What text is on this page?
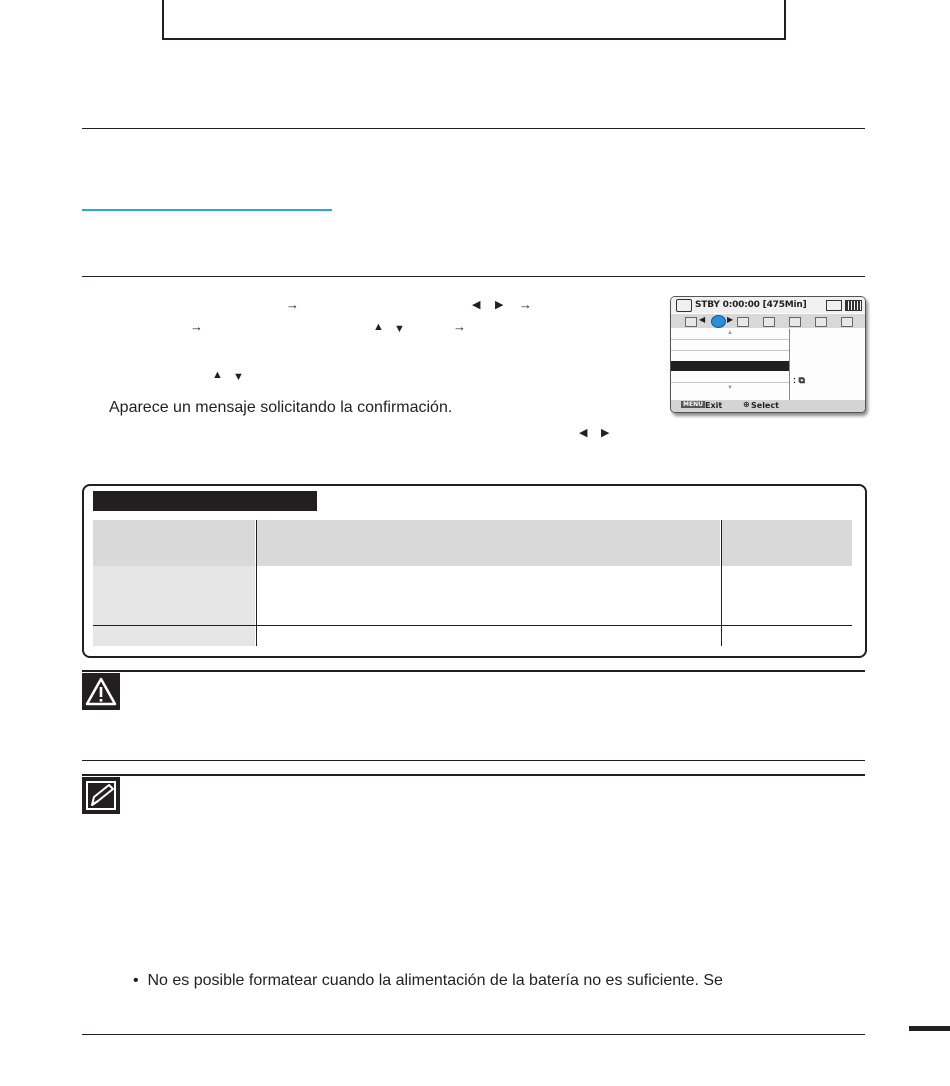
→	◀ ▶ →
→	▲ ▼	→
▲ ▼
Aparece un mensaje solicitando la confirmación.
◀ ▶
STBY 0:00:00 [475Min]
◀	▶
▲
▼
: ⧉
MENU Exit	⊕ Select
• No es posible formatear cuando la alimentación de la batería no es suficiente. Se
